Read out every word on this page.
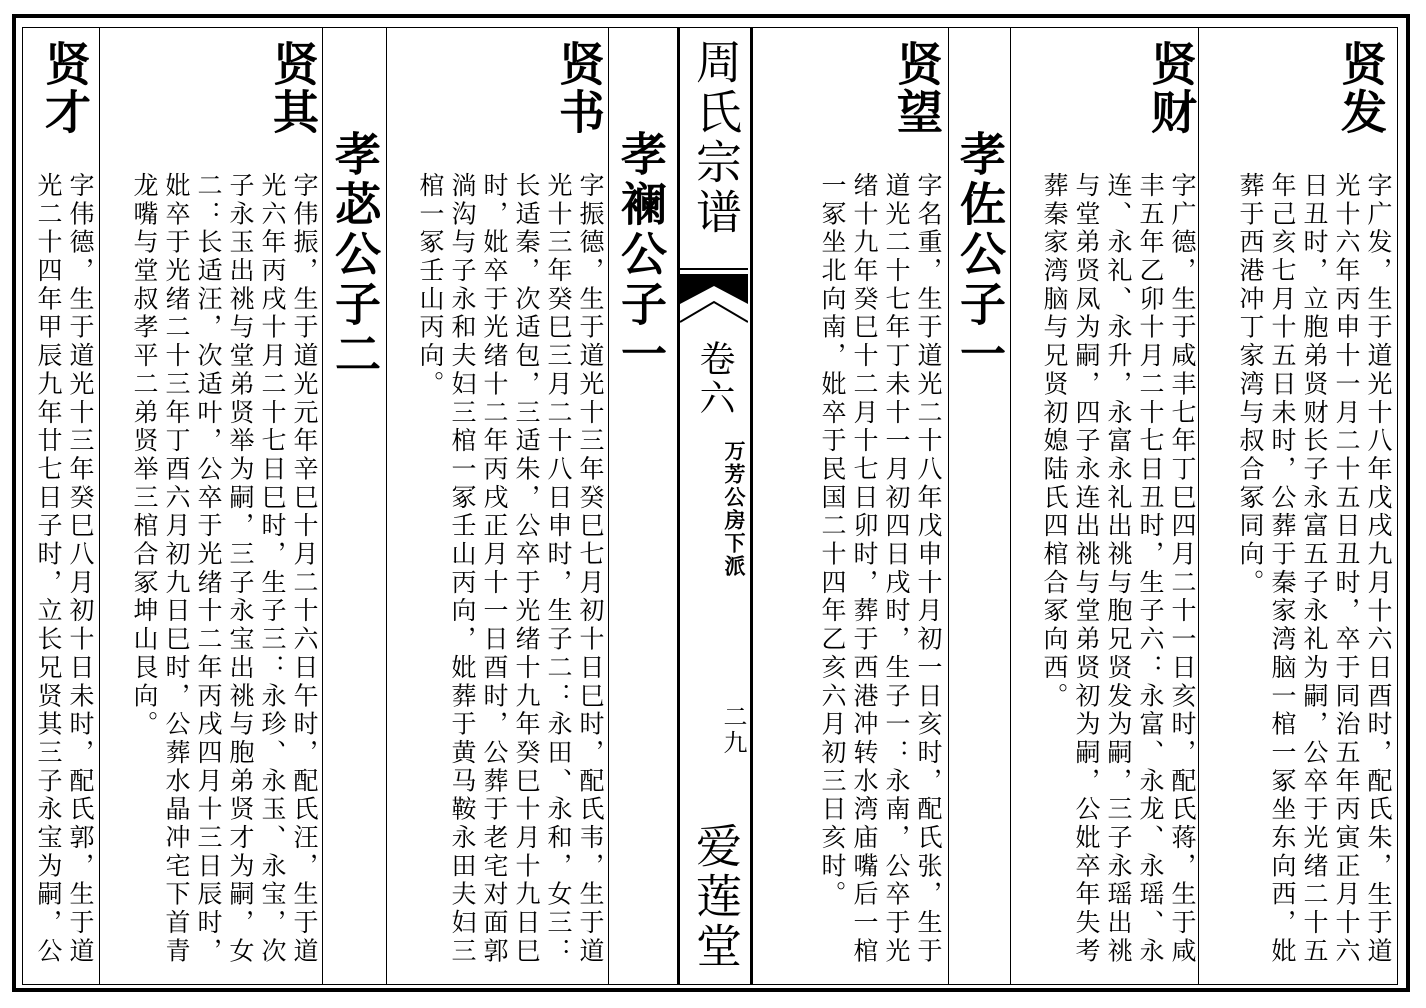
周氏宗谱
卷六
万芳公房下派
二九
爱莲堂
贤发
字广发，生于道光十八年戊戌九月十六日酉时，配氏朱，生于道
光十六年丙申十一月二十五日丑时，卒于同治五年丙寅正月十六
日丑时，立胞弟贤财长子永富五子永礼为嗣，公卒于光绪二十五
年己亥七月十五日未时，公葬于秦家湾脑一棺一冢坐东向西，妣
葬于西港冲丁家湾与叔合冢同向。
贤财
字广德，生于咸丰七年丁巳四月二十一日亥时，配氏蒋，生于咸
丰五年乙卯十月二十七日丑时，生子六：永富、永龙、永瑶、永
连、永礼、永升，永富永礼出祧与胞兄贤发为嗣，三子永瑶出祧
与堂弟贤凤为嗣，四子永连出祧与堂弟贤初为嗣，公妣卒年失考
葬秦家湾脑与兄贤初媳陆氏四棺合冢向西。
孝佐公子一
贤望
字名重，生于道光二十八年戊申十月初一日亥时，配氏张，生于
道光二十七年丁未十一月初四日戌时，生子一：永南，公卒于光
绪十九年癸巳十二月十七日卯时，葬于西港冲转水湾庙嘴后一棺
一冢坐北向南，妣卒于民国二十四年乙亥六月初三日亥时。
孝襕公子一
贤书
字振德，生于道光十三年癸巳七月初十日巳时，配氏韦，生于道
光十三年癸巳三月二十八日申时，生子二：永田、永和，女三：
长适秦，次适包，三适朱，公卒于光绪十九年癸巳十月十九日巳
时，妣卒于光绪十二年丙戌正月十一日酉时，公葬于老宅对面郭
淌沟与子永和夫妇三棺一冢壬山丙向，妣葬于黄马鞍永田夫妇三
棺一冢壬山丙向。
孝苾公子二
贤其
字伟振，生于道光元年辛巳十月二十六日午时，配氏汪，生于道
光六年丙戌十月二十七日巳时，生子三：永珍、永玉、永宝，次
子永玉出祧与堂弟贤举为嗣，三子永宝出祧与胞弟贤才为嗣，女
二：长适汪，次适叶，公卒于光绪十二年丙戌四月十三日辰时，
妣卒于光绪二十三年丁酉六月初九日巳时，公葬水晶冲宅下首青
龙嘴与堂叔孝平二弟贤举三棺合冢坤山艮向。
贤才
字伟德，生于道光十三年癸巳八月初十日未时，配氏郭，生于道
光二十四年甲辰九年廿七日子时，立长兄贤其三子永宝为嗣，公
